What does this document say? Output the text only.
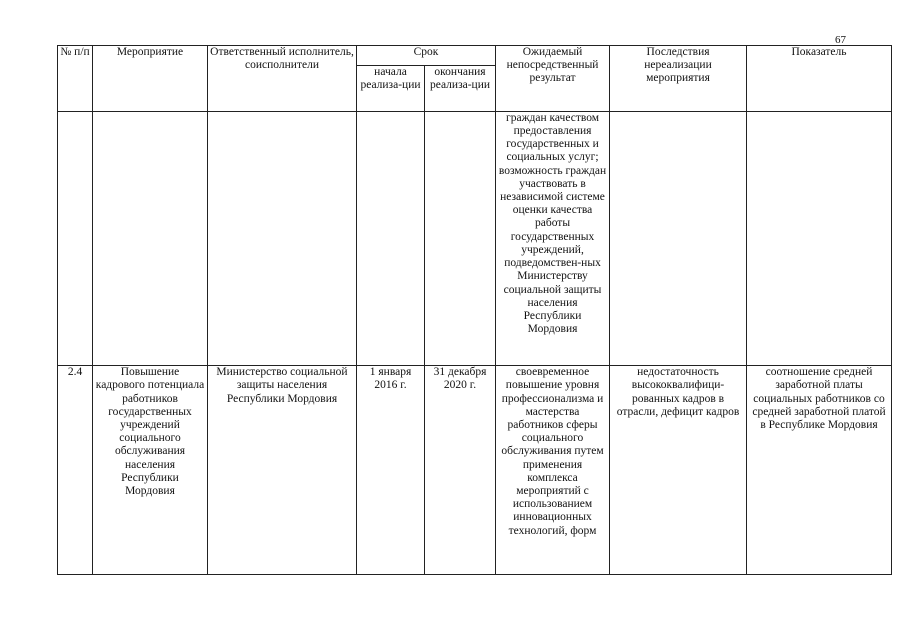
67
№ п/п	Мероприятие	Ответственный исполнитель, соисполнители	Срок		Ожидаемый непосредственный результат	Последствия нереализации мероприятия	Показатель
			начала реализа-ции	окончания реализа-ции			
					граждан качеством предоставления государственных и социальных услуг; возможность граждан участвовать в независимой системе оценки качества работы государственных учреждений, подведомствен-ных Министерству социальной защиты населения Республики Мордовия		
2.4	Повышение кадрового потенциала работников государственных учреждений социального обслуживания населения Республики Мордовия	Министерство социальной защиты населения Республики Мордовия	1 января 2016 г.	31 декабря 2020 г.	своевременное повышение уровня профессионализма и мастерства работников сферы социального обслуживания путем применения комплекса мероприятий с использованием инновационных технологий, форм	недостаточность высококвалифици-рованных кадров в отрасли, дефицит кадров	соотношение средней заработной платы социальных работников со средней заработной платой в Республике Мордовия
